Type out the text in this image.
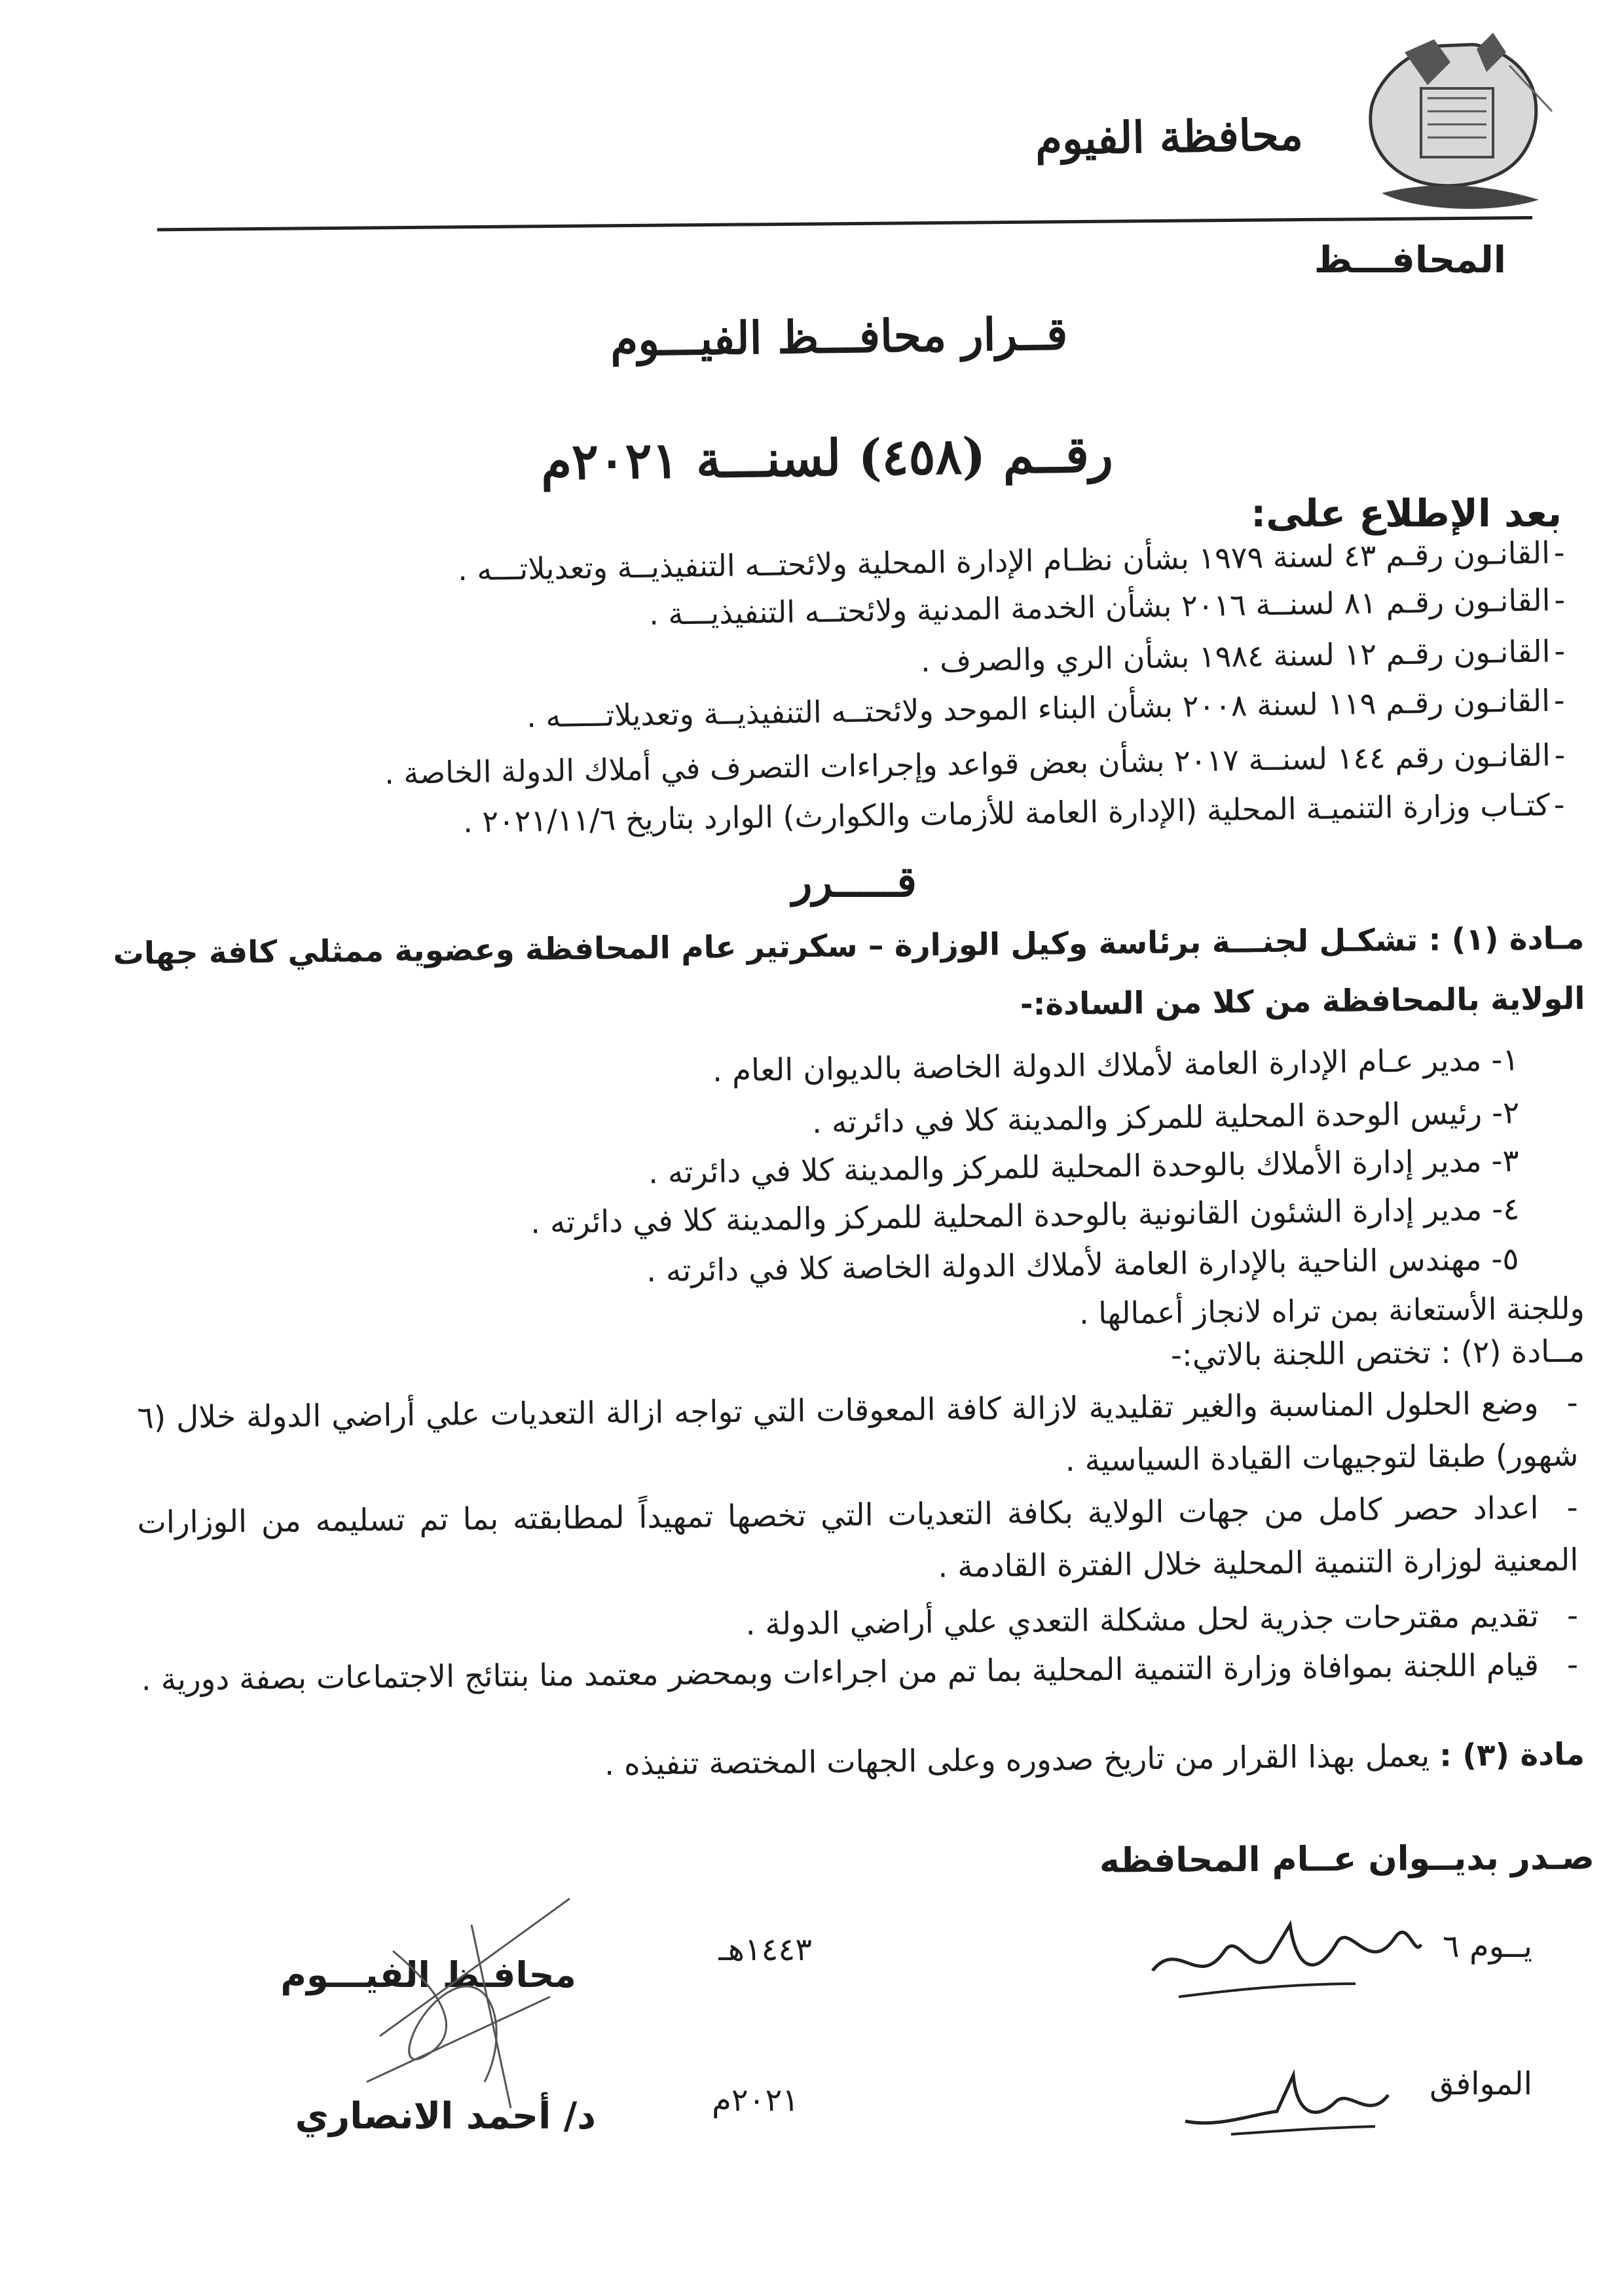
محافظة الفيوم
المحافـــظ
قــرار محافـــظ الفيـــوم
رقــم (٤٥٨) لسنـــة ٢٠٢١م
بعد الإطلاع على:
-القانـون رقـم ٤٣ لسنة ١٩٧٩ بشأن نظـام الإدارة المحلية ولائحتــه التنفيذيــة وتعديلاتـــه .
-القانـون رقـم ٨١ لسنــة ٢٠١٦ بشأن الخدمة المدنية ولائحتــه التنفيذيـــة .
-القانـون رقـم ١٢ لسنة ١٩٨٤ بشأن الري والصرف .
-القانـون رقـم ١١٩ لسنة ٢٠٠٨ بشأن البناء الموحد ولائحتــه التنفيذيــة وتعديلاتـــــه .
-القانـون رقم ١٤٤ لسنــة ٢٠١٧ بشأن بعض قواعد وإجراءات التصرف في أملاك الدولة الخاصة .
-كتـاب وزارة التنميـة المحلية (الإدارة العامة للأزمات والكوارث) الوارد بتاريخ ٢٠٢١/١١/٦ .
قـــــرر
مـادة (١) : تشكـل لجنـــة برئاسة وكيل الوزارة – سكرتير عام المحافظة وعضوية ممثلي كافة جهات الولاية بالمحافظة من كلا من السادة:-
١- مدير عـام الإدارة العامة لأملاك الدولة الخاصة بالديوان العام .
٢- رئيس الوحدة المحلية للمركز والمدينة كلا في دائرته .
٣- مدير إدارة الأملاك بالوحدة المحلية للمركز والمدينة كلا في دائرته .
٤- مدير إدارة الشئون القانونية بالوحدة المحلية للمركز والمدينة كلا في دائرته .
٥- مهندس الناحية بالإدارة العامة لأملاك الدولة الخاصة كلا في دائرته .
وللجنة الأستعانة بمن تراه لانجاز أعمالها .
مــادة (٢) : تختص اللجنة بالاتي:-
-وضع الحلول المناسبة والغير تقليدية لازالة كافة المعوقات التي تواجه ازالة التعديات علي أراضي الدولة خلال (٦ شهور) طبقا لتوجيهات القيادة السياسية .
-اعداد حصر كامل من جهات الولاية بكافة التعديات التي تخصها تمهيداً لمطابقته بما تم تسليمه من الوزارات المعنية لوزارة التنمية المحلية خلال الفترة القادمة .
-تقديم مقترحات جذرية لحل مشكلة التعدي علي أراضي الدولة .
-قيام اللجنة بموافاة وزارة التنمية المحلية بما تم من اجراءات وبمحضر معتمد منا بنتائج الاجتماعات بصفة دورية .
مادة (٣) : يعمل بهذا القرار من تاريخ صدوره وعلى الجهات المختصة تنفيذه .
صـدر بديــوان عــام المحافظه
يــوم ٦
١٤٤٣هـ
الموافق
٢٠٢١م
محافـظ الفيـــوم
د/ أحمد الانصاري
